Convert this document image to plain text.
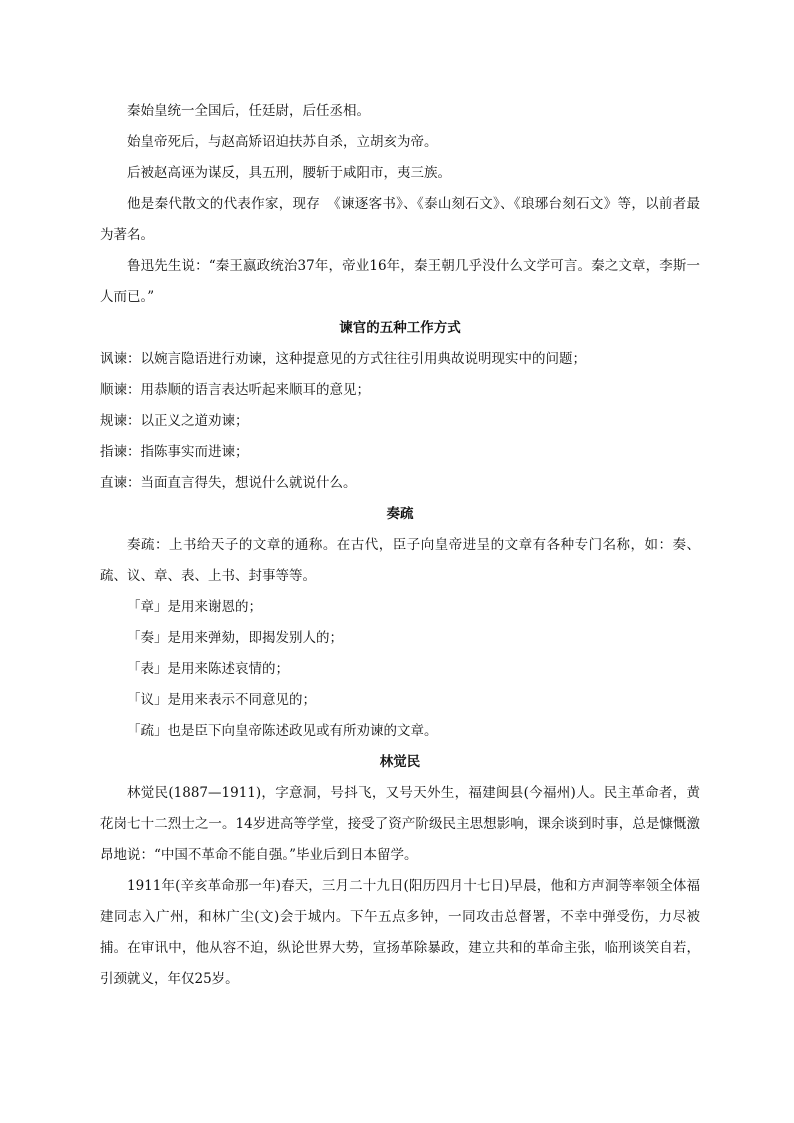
秦始皇统一全国后，任廷尉，后任丞相。

始皇帝死后，与赵高矫诏迫扶苏自杀，立胡亥为帝。

后被赵高诬为谋反，具五刑，腰斩于咸阳市，夷三族。

他是秦代散文的代表作家，现存　《谏逐客书》、《泰山刻石文》、《琅琊台刻石文》等，以前者最为著名。

鲁迅先生说：“秦王嬴政统治37年，帝业16年，秦王朝几乎没什么文学可言。秦之文章，李斯一人而已。”

谏官的五种工作方式

讽谏：以婉言隐语进行劝谏，这种提意见的方式往往引用典故说明现实中的问题；

顺谏：用恭顺的语言表达听起来顺耳的意见；

规谏：以正义之道劝谏；

指谏：指陈事实而进谏；

直谏：当面直言得失，想说什么就说什么。

奏疏

奏疏：上书给天子的文章的通称。在古代，臣子向皇帝进呈的文章有各种专门名称，如：奏、疏、议、章、表、上书、封事等等。

「章」是用来谢恩的；

「奏」是用来弹劾，即揭发别人的；

「表」是用来陈述哀情的；

「议」是用来表示不同意见的；

「疏」也是臣下向皇帝陈述政见或有所劝谏的文章。

林觉民

林觉民(1887—1911)，字意洞，号抖飞，又号天外生，福建闽县(今福州)人。民主革命者，黄花岗七十二烈士之一。14岁进高等学堂，接受了资产阶级民主思想影响，课余谈到时事，总是慷慨激昂地说：“中国不革命不能自强。”毕业后到日本留学。

1911年(辛亥革命那一年)春天，三月二十九日(阳历四月十七日)早晨，他和方声洞等率领全体福建同志入广州，和林广尘(文)会于城内。下午五点多钟，一同攻击总督署，不幸中弹受伤，力尽被捕。在审讯中，他从容不迫，纵论世界大势，宣扬革除暴政，建立共和的革命主张，临刑谈笑自若，引颈就义，年仅25岁。
